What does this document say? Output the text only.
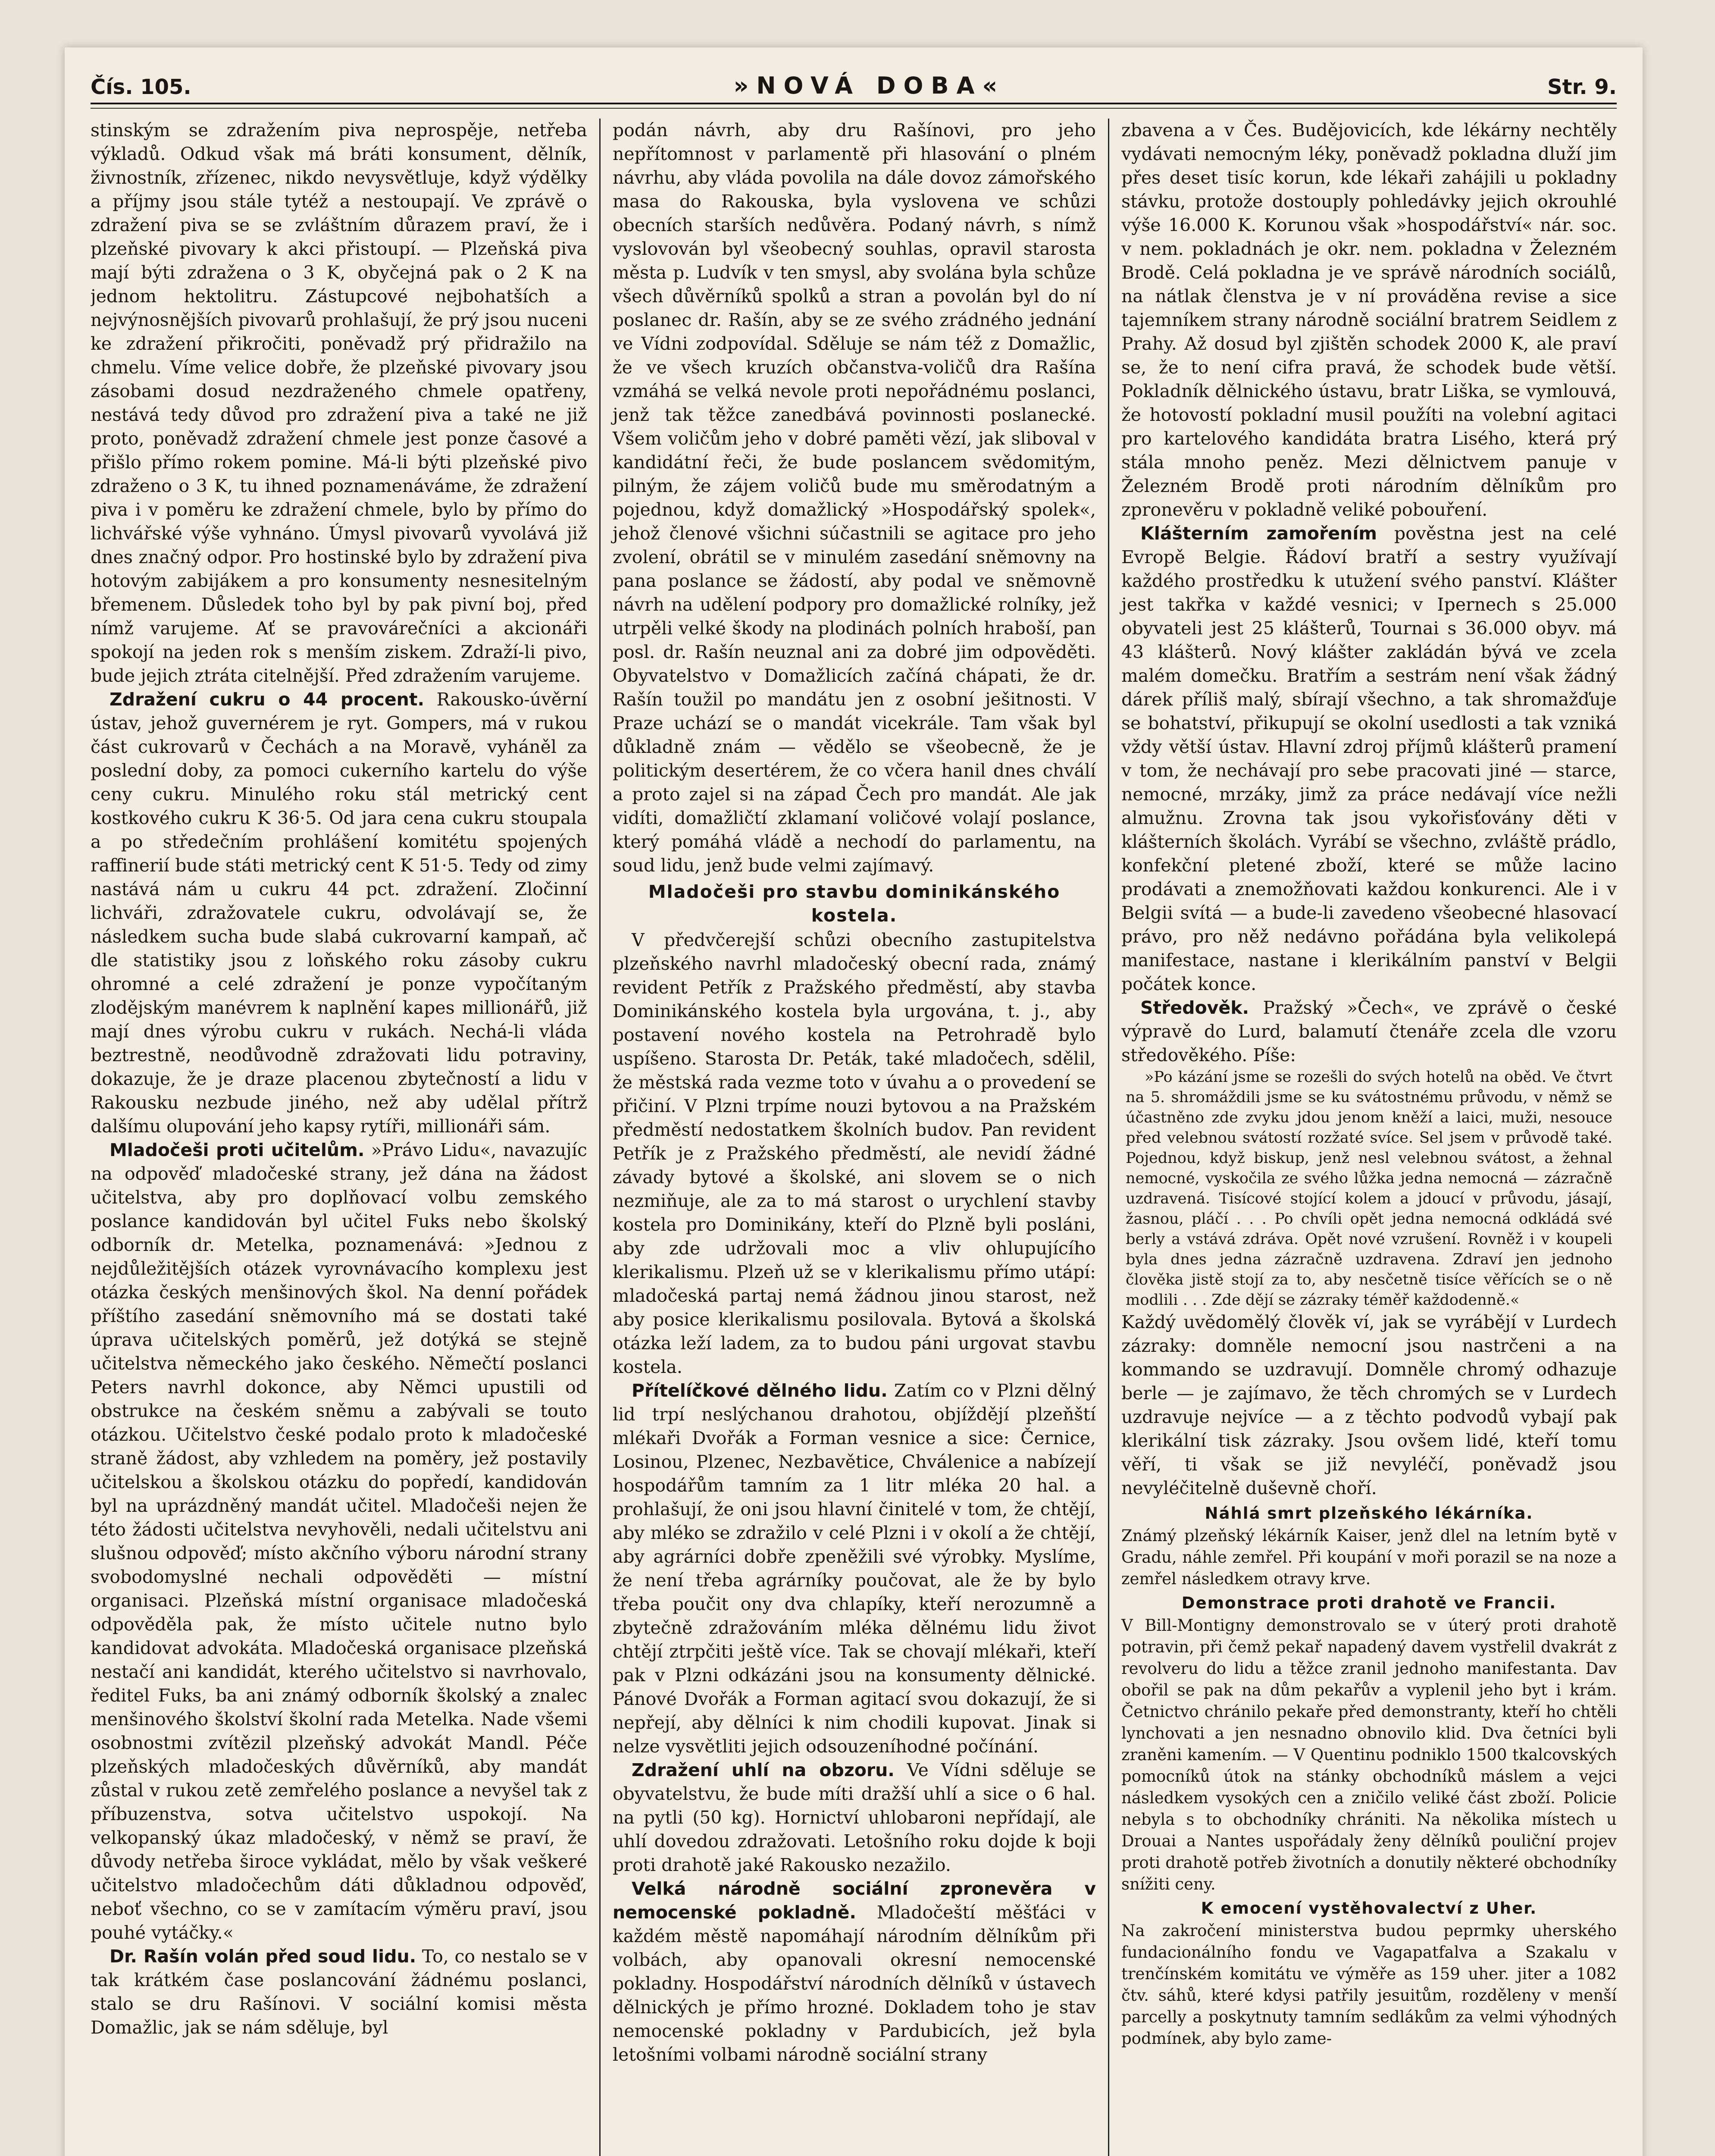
Čís. 105.	»NOVÁ DOBA«	Str. 9.

stinským se zdražením piva neprospěje, netřeba výkladů. Odkud však má bráti konsument, dělník, živnostník, zřízenec, nikdo nevysvětluje, když výdělky a příjmy jsou stále tytéž a nestoupají. Ve zprávě o zdražení piva se se zvláštním důrazem praví, že i plzeňské pivovary k akci přistoupí. — Plzeňská piva mají býti zdražena o 3 K, obyčejná pak o 2 K na jednom hektolitru. Zástupcové nejbohatších a nejvýnosnějších pivovarů prohlašují, že prý jsou nuceni ke zdražení přikročiti, poněvadž prý přidražilo na chmelu. Víme velice dobře, že plzeňské pivovary jsou zásobami dosud nezdraženého chmele opatřeny, nestává tedy důvod pro zdražení piva a také ne již proto, poněvadž zdražení chmele jest ponze časové a přišlo přímo rokem pomine. Má-li býti plzeňské pivo zdraženo o 3 K, tu ihned poznamenáváme, že zdražení piva i v poměru ke zdražení chmele, bylo by přímo do lichvářské výše vyhnáno. Úmysl pivovarů vyvolává již dnes značný odpor. Pro hostinské bylo by zdražení piva hotovým zabijákem a pro konsumenty nesnesitelným břemenem. Důsledek toho byl by pak pivní boj, před nímž varujeme. Ať se pravovárečníci a akcionáři spokojí na jeden rok s menším ziskem. Zdraží-li pivo, bude jejich ztráta citelnější. Před zdražením varujeme.

Zdražení cukru o 44 procent. Rakousko-úvěrní ústav, jehož guvernérem je ryt. Gompers, má v rukou část cukrovarů v Čechách a na Moravě, vyháněl za poslední doby, za pomoci cukerního kartelu do výše ceny cukru. Minulého roku stál metrický cent kostkového cukru K 36·5. Od jara cena cukru stoupala a po středečním prohlášení komitétu spojených raffinerií bude státi metrický cent K 51·5. Tedy od zimy nastává nám u cukru 44 pct. zdražení. Zločinní lichváři, zdražovatele cukru, odvolávají se, že následkem sucha bude slabá cukrovarní kampaň, ač dle statistiky jsou z loňského roku zásoby cukru ohromné a celé zdražení je ponze vypočítaným zlodějským manévrem k naplnění kapes millionářů, již mají dnes výrobu cukru v rukách. Nechá-li vláda beztrestně, neodůvodně zdražovati lidu potraviny, dokazuje, že je draze placenou zbytečností a lidu v Rakousku nezbude jiného, než aby udělal přítrž dalšímu olupování jeho kapsy rytíři, millionáři sám.

Mladočeši proti učitelům. »Právo Lidu«, navazujíc na odpověď mladočeské strany, jež dána na žádost učitelstva, aby pro doplňovací volbu zemského poslance kandidován byl učitel Fuks nebo školský odborník dr. Metelka, poznamenává: »Jednou z nejdůležitějších otázek vyrovnávacího komplexu jest otázka českých menšinových škol. Na denní pořádek příštího zasedání sněmovního má se dostati také úprava učitelských poměrů, jež dotýká se stejně učitelstva německého jako českého. Němečtí poslanci Peters navrhl dokonce, aby Němci upustili od obstrukce na českém sněmu a zabývali se touto otázkou. Učitelstvo české podalo proto k mladočeské straně žádost, aby vzhledem na poměry, jež postavily učitelskou a školskou otázku do popředí, kandidován byl na uprázdněný mandát učitel. Mladočeši nejen že této žádosti učitelstva nevyhověli, nedali učitelstvu ani slušnou odpověď; místo akčního výboru národní strany svobodomyslné nechali odpověděti — místní organisaci. Plzeňská místní organisace mladočeská odpověděla pak, že místo učitele nutno bylo kandidovat advokáta. Mladočeská organisace plzeňská nestačí ani kandidát, kterého učitelstvo si navrhovalo, ředitel Fuks, ba ani známý odborník školský a znalec menšinového školství školní rada Metelka. Nade všemi osobnostmi zvítězil plzeňský advokát Mandl. Péče plzeňských mladočeských důvěrníků, aby mandát zůstal v rukou zetě zemřelého poslance a nevyšel tak z příbuzenstva, sotva učitelstvo uspokojí. Na velkopanský úkaz mladočeský, v němž se praví, že důvody netřeba široce vykládat, mělo by však veškeré učitelstvo mladočechům dáti důkladnou odpověď, neboť všechno, co se v zamítacím výměru praví, jsou pouhé vytáčky.«

Dr. Rašín volán před soud lidu. To, co nestalo se v tak krátkém čase poslancování žádnému poslanci, stalo se dru Rašínovi. V sociální komisi města Domažlic, jak se nám sděluje, byl

podán návrh, aby dru Rašínovi, pro jeho nepřítomnost v parlamentě při hlasování o plném návrhu, aby vláda povolila na dále dovoz zámořského masa do Rakouska, byla vyslovena ve schůzi obecních starších nedůvěra. Podaný návrh, s nímž vyslovován byl všeobecný souhlas, opravil starosta města p. Ludvík v ten smysl, aby svolána byla schůze všech důvěrníků spolků a stran a povolán byl do ní poslanec dr. Rašín, aby se ze svého zrádného jednání ve Vídni zodpovídal. Sděluje se nám též z Domažlic, že ve všech kruzích občanstva-voličů dra Rašína vzmáhá se velká nevole proti nepořádnému poslanci, jenž tak těžce zanedbává povinnosti poslanecké. Všem voličům jeho v dobré paměti vězí, jak sliboval v kandidátní řeči, že bude poslancem svědomitým, pilným, že zájem voličů bude mu směrodatným a pojednou, když domažlický »Hospodářský spolek«, jehož členové všichni súčastnili se agitace pro jeho zvolení, obrátil se v minulém zasedání sněmovny na pana poslance se žádostí, aby podal ve sněmovně návrh na udělení podpory pro domažlické rolníky, jež utrpěli velké škody na plodinách polních hraboší, pan posl. dr. Rašín neuznal ani za dobré jim odpověděti. Obyvatelstvo v Domažlicích začíná chápati, že dr. Rašín toužil po mandátu jen z osobní ješitnosti. V Praze uchází se o mandát vicekrále. Tam však byl důkladně znám — vědělo se všeobecně, že je politickým desertérem, že co včera hanil dnes chválí a proto zajel si na západ Čech pro mandát. Ale jak vidíti, domažličtí zklamaní voličové volají poslance, který pomáhá vládě a nechodí do parlamentu, na soud lidu, jenž bude velmi zajímavý.

Mladočeši pro stavbu dominikánského kostela.

V předvčerejší schůzi obecního zastupitelstva plzeňského navrhl mladočeský obecní rada, známý revident Petřík z Pražského předměstí, aby stavba Dominikánského kostela byla urgována, t. j., aby postavení nového kostela na Petrohradě bylo uspíšeno. Starosta Dr. Peták, také mladočech, sdělil, že městská rada vezme toto v úvahu a o provedení se přičiní. V Plzni trpíme nouzi bytovou a na Pražském předměstí nedostatkem školních budov. Pan revident Petřík je z Pražského předměstí, ale nevidí žádné závady bytové a školské, ani slovem se o nich nezmiňuje, ale za to má starost o urychlení stavby kostela pro Dominikány, kteří do Plzně byli posláni, aby zde udržovali moc a vliv ohlupujícího klerikalismu. Plzeň už se v klerikalismu přímo utápí: mladočeská partaj nemá žádnou jinou starost, než aby posice klerikalismu posilovala. Bytová a školská otázka leží ladem, za to budou páni urgovat stavbu kostela.

Přítelíčkové dělného lidu. Zatím co v Plzni dělný lid trpí neslýchanou drahotou, objíždějí plzeňští mlékaři Dvořák a Forman vesnice a sice: Černice, Losinou, Plzenec, Nezbavětice, Chválenice a nabízejí hospodářům tamním za 1 litr mléka 20 hal. a prohlašují, že oni jsou hlavní činitelé v tom, že chtějí, aby mléko se zdražilo v celé Plzni i v okolí a že chtějí, aby agrárníci dobře zpeněžili své výrobky. Myslíme, že není třeba agrárníky poučovat, ale že by bylo třeba poučit ony dva chlapíky, kteří nerozumně a zbytečně zdražováním mléka dělnému lidu život chtějí ztrpčiti ještě více. Tak se chovají mlékaři, kteří pak v Plzni odkázáni jsou na konsumenty dělnické. Pánové Dvořák a Forman agitací svou dokazují, že si nepřejí, aby dělníci k nim chodili kupovat. Jinak si nelze vysvětliti jejich odsouzeníhodné počínání.

Zdražení uhlí na obzoru. Ve Vídni sděluje se obyvatelstvu, že bude míti dražší uhlí a sice o 6 hal. na pytli (50 kg). Hornictví uhlobaroni nepřídají, ale uhlí dovedou zdražovati. Letošního roku dojde k boji proti drahotě jaké Rakousko nezažilo.

Velká národně sociální zpronevěra v nemocenské pokladně. Mladočeští měšťáci v každém městě napomáhají národním dělníkům při volbách, aby opanovali okresní nemocenské pokladny. Hospodářství národních dělníků v ústavech dělnických je přímo hrozné. Dokladem toho je stav nemocenské pokladny v Pardubicích, jež byla letošními volbami národně sociální strany

zbavena a v Čes. Budějovicích, kde lékárny nechtěly vydávati nemocným léky, poněvadž pokladna dluží jim přes deset tisíc korun, kde lékaři zahájili u pokladny stávku, protože dostouply pohledávky jejich okrouhlé výše 16.000 K. Korunou však »hospodářství« nár. soc. v nem. pokladnách je okr. nem. pokladna v Železném Brodě. Celá pokladna je ve správě národních sociálů, na nátlak členstva je v ní prováděna revise a sice tajemníkem strany národně sociální bratrem Seidlem z Prahy. Až dosud byl zjištěn schodek 2000 K, ale praví se, že to není cifra pravá, že schodek bude větší. Pokladník dělnického ústavu, bratr Liška, se vymlouvá, že hotovostí pokladní musil použíti na volební agitaci pro kartelového kandidáta bratra Lisého, která prý stála mnoho peněz. Mezi dělnictvem panuje v Železném Brodě proti národním dělníkům pro zpronevěru v pokladně veliké pobouření.

Klášterním zamořením pověstna jest na celé Evropě Belgie. Řádoví bratří a sestry využívají každého prostředku k utužení svého panství. Klášter jest takřka v každé vesnici; v Ipernech s 25.000 obyvateli jest 25 klášterů, Tournai s 36.000 obyv. má 43 klášterů. Nový klášter zakládán bývá ve zcela malém domečku. Bratřím a sestrám není však žádný dárek příliš malý, sbírají všechno, a tak shromažďuje se bohatství, přikupují se okolní usedlosti a tak vzniká vždy větší ústav. Hlavní zdroj příjmů klášterů pramení v tom, že nechávají pro sebe pracovati jiné — starce, nemocné, mrzáky, jimž za práce nedávají více nežli almužnu. Zrovna tak jsou vykořisťovány děti v klášterních školách. Vyrábí se všechno, zvláště prádlo, konfekční pletené zboží, které se může lacino prodávati a znemožňovati každou konkurenci. Ale i v Belgii svítá — a bude-li zavedeno všeobecné hlasovací právo, pro něž nedávno pořádána byla velikolepá manifestace, nastane i klerikálním panství v Belgii počátek konce.

Středověk. Pražský »Čech«, ve zprávě o české výpravě do Lurd, balamutí čtenáře zcela dle vzoru středověkého. Píše:

»Po kázání jsme se rozešli do svých hotelů na oběd. Ve čtvrt na 5. shromáždili jsme se ku svátostnému průvodu, v němž se účastněno zde zvyku jdou jenom kněží a laici, muži, nesouce před velebnou svátostí rozžaté svíce. Sel jsem v průvodě také. Pojednou, když biskup, jenž nesl velebnou svátost, a žehnal nemocné, vyskočila ze svého lůžka jedna nemocná — zázračně uzdravená. Tisícové stojící kolem a jdoucí v průvodu, jásají, žasnou, pláčí . . . Po chvíli opět jedna nemocná odkládá své berly a vstává zdráva. Opět nové vzrušení. Rovněž i v koupeli byla dnes jedna zázračně uzdravena. Zdraví jen jednoho člověka jistě stojí za to, aby nesčetně tisíce věřících se o ně modlili . . . Zde dějí se zázraky téměř každodenně.«

Každý uvědomělý člověk ví, jak se vyrábějí v Lurdech zázraky: domněle nemocní jsou nastrčeni a na kommando se uzdravují. Domněle chromý odhazuje berle — je zajímavo, že těch chromých se v Lurdech uzdravuje nejvíce — a z těchto podvodů vybají pak klerikální tisk zázraky. Jsou ovšem lidé, kteří tomu věří, ti však se již nevyléčí, poněvadž jsou nevyléčitelně duševně choří.

Náhlá smrt plzeňského lékárníka.

Známý plzeňský lékárník Kaiser, jenž dlel na letním bytě v Gradu, náhle zemřel. Při koupání v moři porazil se na noze a zemřel následkem otravy krve.

Demonstrace proti drahotě ve Francii.

V Bill-Montigny demonstrovalo se v úterý proti drahotě potravin, při čemž pekař napadený davem vystřelil dvakrát z revolveru do lidu a těžce zranil jednoho manifestanta. Dav obořil se pak na dům pekařův a vyplenil jeho byt i krám. Četnictvo chránilo pekaře před demonstranty, kteří ho chtěli lynchovati a jen nesnadno obnovilo klid. Dva četníci byli zraněni kamením. — V Quentinu podniklo 1500 tkalcovských pomocníků útok na stánky obchodníků máslem a vejci následkem vysokých cen a zničilo veliké část zboží. Policie nebyla s to obchodníky chrániti. Na několika místech u Drouai a Nantes uspořádaly ženy dělníků pouliční projev proti drahotě potřeb životních a donutily některé obchodníky snížiti ceny.

K emocení vystěhovalectví z Uher.

Na zakročení ministerstva budou peprmky uherského fundacionálního fondu ve Vagapatfalva a Szakalu v trenčínském komitátu ve výměře as 159 uher. jiter a 1082 čtv. sáhů, které kdysi patřily jesuitům, rozděleny v menší parcelly a poskytnuty tamním sedlákům za velmi výhodných podmínek, aby bylo zame-
